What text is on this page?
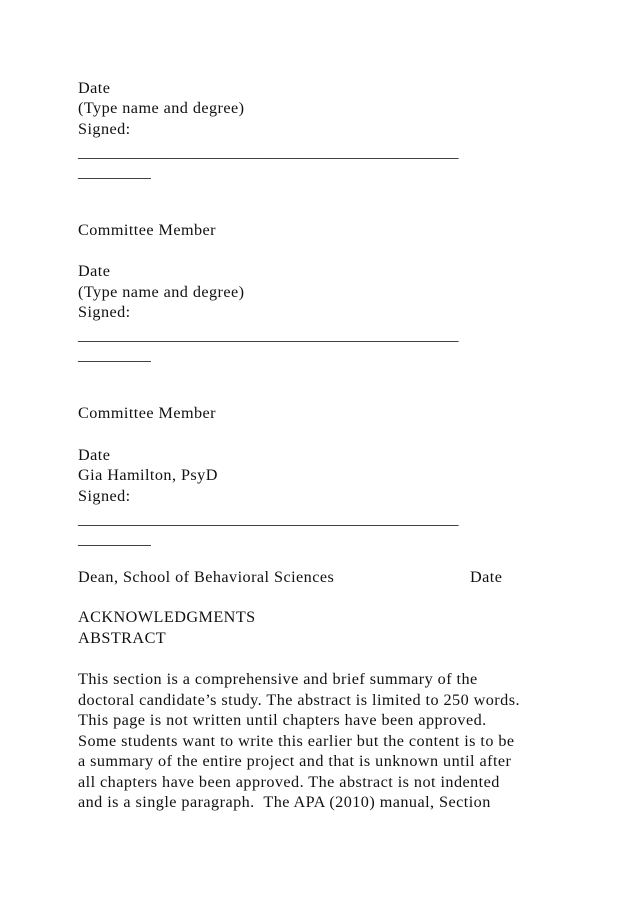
Date
(Type name and degree)
Signed:
_______________________________________________
_________
Committee Member
Date
(Type name and degree)
Signed:
_______________________________________________
_________
Committee Member
Date
Gia Hamilton, PsyD
Signed:
_______________________________________________
_________
Dean, School of Behavioral Sciences	Date
ACKNOWLEDGMENTS
ABSTRACT
This section is a comprehensive and brief summary of the
doctoral candidate’s study. The abstract is limited to 250 words.
This page is not written until chapters have been approved.
Some students want to write this earlier but the content is to be
a summary of the entire project and that is unknown until after
all chapters have been approved. The abstract is not indented
and is a single paragraph.  The APA (2010) manual, Section
